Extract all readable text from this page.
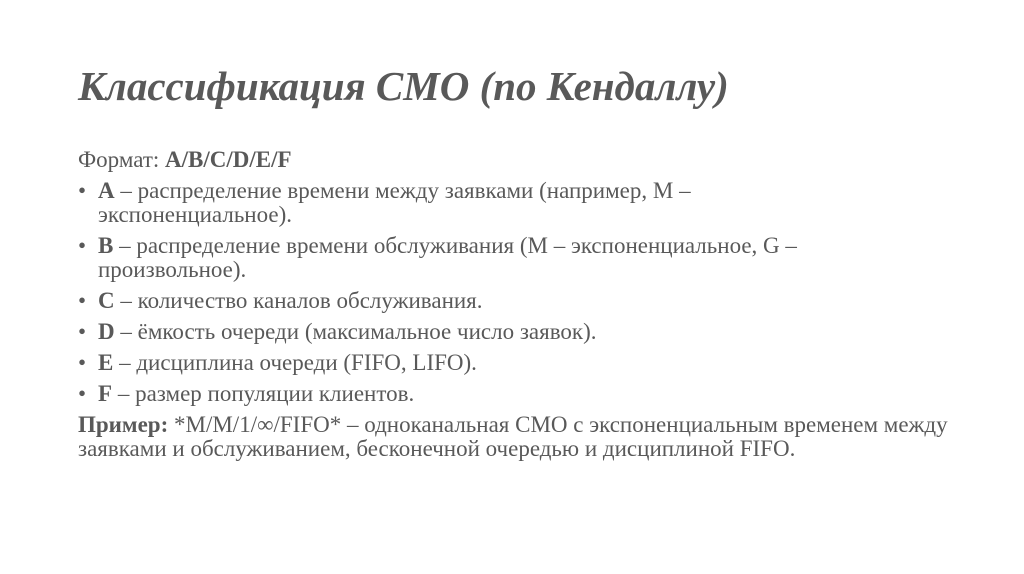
Классификация СМО (по Кендаллу)

Формат: A/B/C/D/E/F

• A – распределение времени между заявками (например, M – экспоненциальное).
• B – распределение времени обслуживания (M – экспоненциальное, G – произвольное).
• C – количество каналов обслуживания.
• D – ёмкость очереди (максимальное число заявок).
• E – дисциплина очереди (FIFO, LIFO).
• F – размер популяции клиентов.

Пример: *M/M/1/∞/FIFO* – одноканальная СМО с экспоненциальным временем между заявками и обслуживанием, бесконечной очередью и дисциплиной FIFO.
